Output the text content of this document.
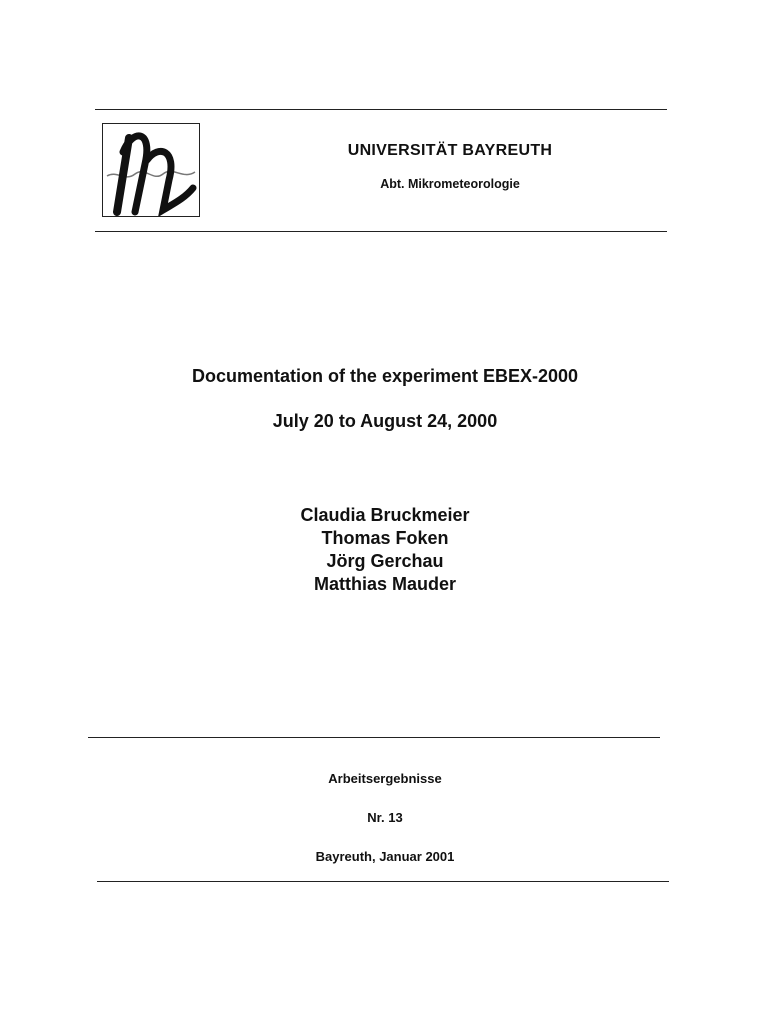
UNIVERSITÄT BAYREUTH
Abt. Mikrometeorologie
Documentation of the experiment EBEX-2000
July 20 to August 24, 2000
Claudia Bruckmeier
Thomas Foken
Jörg Gerchau
Matthias Mauder
Arbeitsergebnisse
Nr. 13
Bayreuth, Januar 2001
